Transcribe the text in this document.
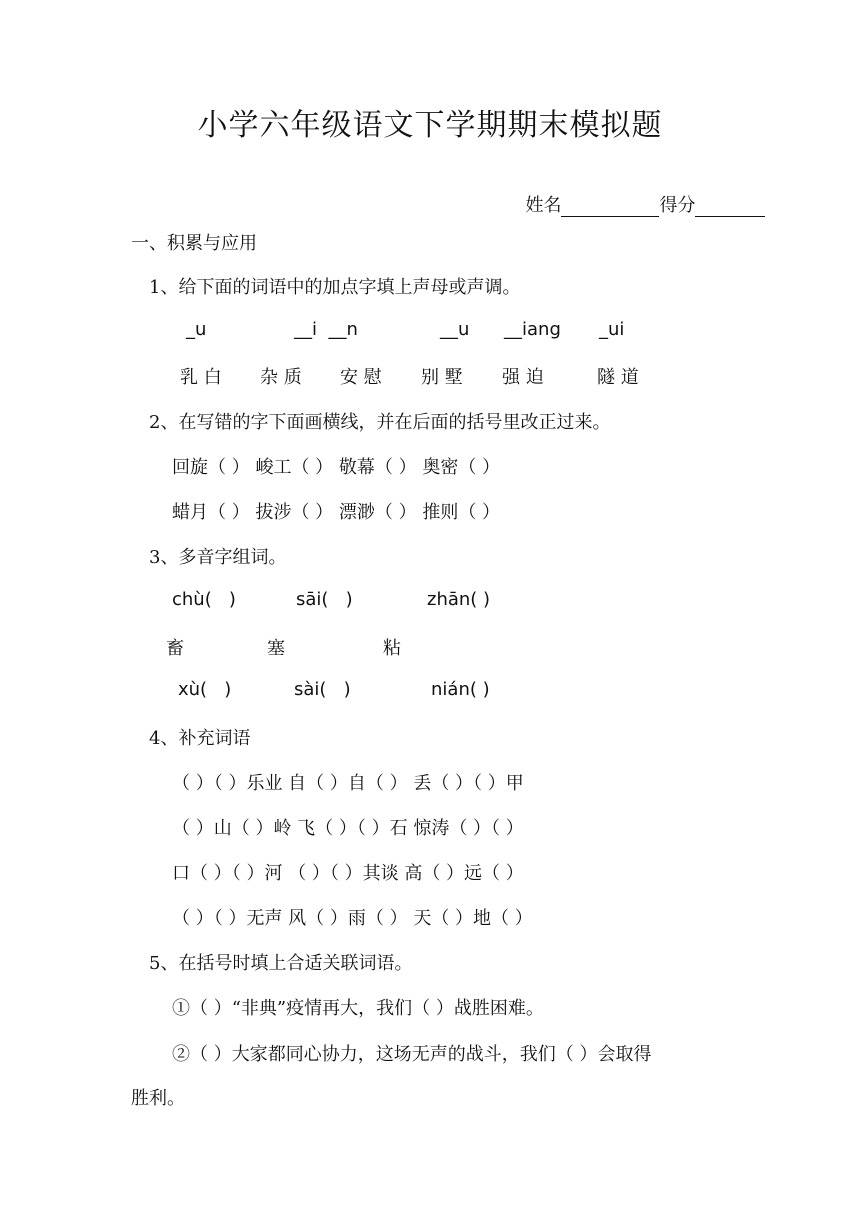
小学六年级语文下学期期末模拟题

姓名	得分

一、积累与应用
1、给下面的词语中的加点字填上声母或声调。
_u	__i  __n	__u __iang _ui
乳 白 杂 质 安 慰 别 墅 强 迫	隧 道
2、在写错的字下面画横线，并在后面的括号里改正过来。
回旋（ ） 峻工（ ） 敬幕（ ） 奥密（ ）
蜡月（ ） 拔涉（ ） 漂渺（ ） 推则（ ）
3、多音字组词。
chù(   )	sāi(   )	zhān( )
畜	塞	粘
xù(   )	sài(   )	nián( )
4、补充词语
（ ）（ ）乐业 自（ ）自（ ） 丢（ ）（ ）甲
（ ）山（ ）岭 飞（ ）（ ）石 惊涛（ ）（ ）
口（ ）（ ）河 （ ）（ ）其谈 高（ ）远（ ）
（ ）（ ）无声 风（ ）雨（ ） 天（ ）地（ ）
5、在括号时填上合适关联词语。
①（ ）“非典”疫情再大，我们（ ）战胜困难。
②（ ）大家都同心协力，这场无声的战斗，我们（ ）会取得
胜利。
